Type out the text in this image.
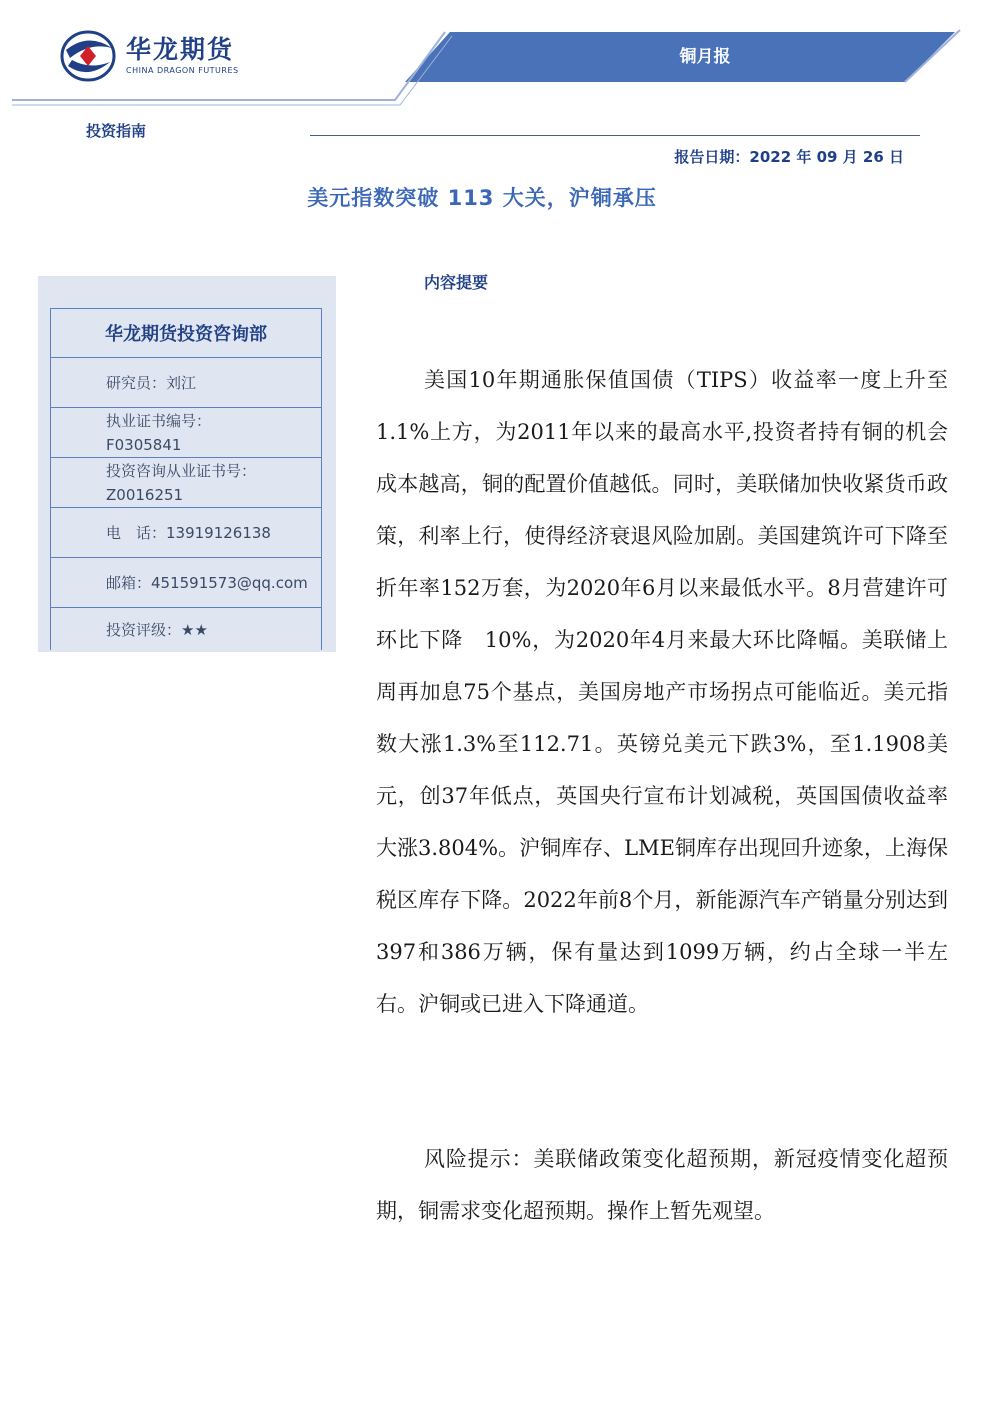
华龙期货
CHINA DRAGON FUTURES
铜月报
投资指南
报告日期：2022 年 09 月 26 日
美元指数突破 113 大关，沪铜承压
华龙期货投资咨询部
研究员：刘江
执业证书编号：
F0305841
投资咨询从业证书号：
Z0016251
电　话：13919126138
邮箱：451591573@qq.com
投资评级：★★
内容提要

美国10年期通胀保值国债（TIPS）收益率一度上升至1.1%上方，为2011年以来的最高水平,投资者持有铜的机会成本越高，铜的配置价值越低。同时，美联储加快收紧货币政策，利率上行，使得经济衰退风险加剧。美国建筑许可下降至折年率152万套，为2020年6月以来最低水平。8月营建许可环比下降　10%，为2020年4月来最大环比降幅。美联储上周再加息75个基点，美国房地产市场拐点可能临近。美元指数大涨1.3%至112.71。英镑兑美元下跌3%，至1.1908美元，创37年低点，英国央行宣布计划减税，英国国债收益率大涨3.804%。沪铜库存、LME铜库存出现回升迹象，上海保税区库存下降。2022年前8个月，新能源汽车产销量分别达到397和386万辆，保有量达到1099万辆，约占全球一半左右。沪铜或已进入下降通道。

风险提示：美联储政策变化超预期，新冠疫情变化超预期，铜需求变化超预期。操作上暂先观望。
